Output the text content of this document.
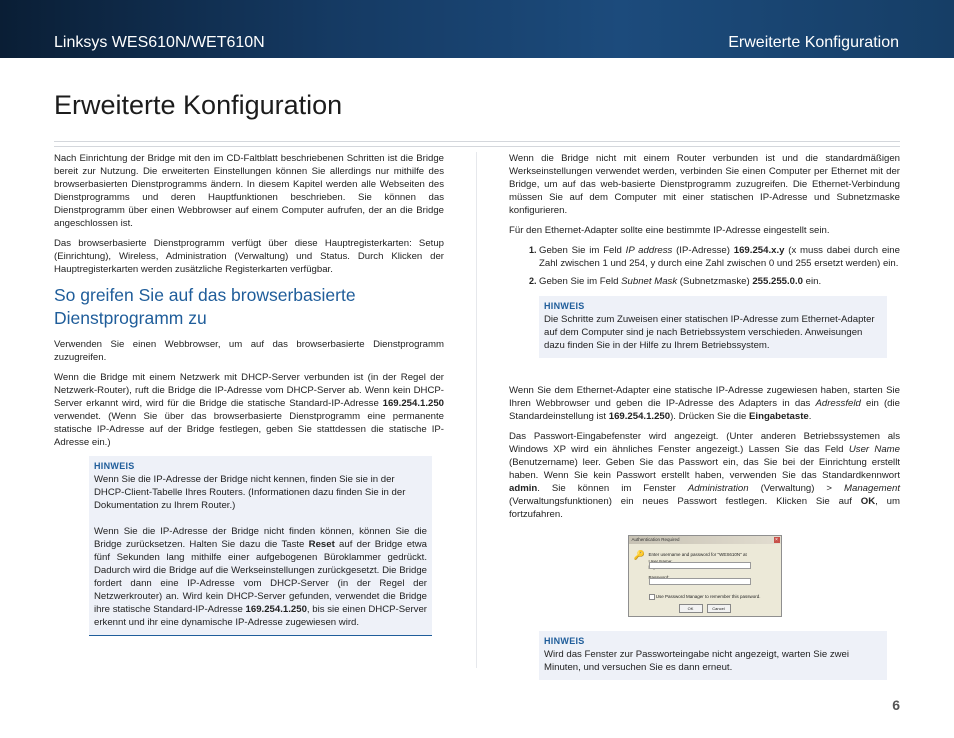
Linksys WES610N/WET610N	Erweiterte Konfiguration
Erweiterte Konfiguration

Nach Einrichtung der Bridge mit den im CD-Faltblatt beschriebenen Schritten ist die Bridge bereit zur Nutzung. Die erweiterten Einstellungen können Sie allerdings nur mithilfe des browserbasierten Dienstprogramms ändern. In diesem Kapitel werden alle Webseiten des Dienstprogramms und deren Hauptfunktionen beschrieben. Sie können das Dienstprogramm über einen Webbrowser auf einem Computer aufrufen, der an die Bridge angeschlossen ist.

Das browserbasierte Dienstprogramm verfügt über diese Hauptregisterkarten: Setup (Einrichtung), Wireless, Administration (Verwaltung) und Status. Durch Klicken der Hauptregisterkarten werden zusätzliche Registerkarten verfügbar.

So greifen Sie auf das browserbasierte Dienstprogramm zu

Verwenden Sie einen Webbrowser, um auf das browserbasierte Dienstprogramm zuzugreifen.

Wenn die Bridge mit einem Netzwerk mit DHCP-Server verbunden ist (in der Regel der Netzwerk-Router), ruft die Bridge die IP-Adresse vom DHCP-Server ab. Wenn kein DHCP-Server erkannt wird, wird für die Bridge die statische Standard-IP-Adresse 169.254.1.250 verwendet. (Wenn Sie über das browserbasierte Dienstprogramm eine permanente statische IP-Adresse auf der Bridge festlegen, geben Sie stattdessen die statische IP-Adresse ein.)

HINWEIS

Wenn Sie die IP-Adresse der Bridge nicht kennen, finden Sie sie in der DHCP-Client-Tabelle Ihres Routers. (Informationen dazu finden Sie in der Dokumentation zu Ihrem Router.)

Wenn Sie die IP-Adresse der Bridge nicht finden können, können Sie die Bridge zurücksetzen. Halten Sie dazu die Taste Reset auf der Bridge etwa fünf Sekunden lang mithilfe einer aufgebogenen Büroklammer gedrückt. Dadurch wird die Bridge auf die Werkseinstellungen zurückgesetzt. Die Bridge fordert dann eine IP-Adresse vom DHCP-Server (in der Regel der Netzwerkrouter) an. Wird kein DHCP-Server gefunden, verwendet die Bridge ihre statische Standard-IP-Adresse 169.254.1.250, bis sie einen DHCP-Server erkennt und ihr eine dynamische IP-Adresse zugewiesen wird.

Wenn die Bridge nicht mit einem Router verbunden ist und die standardmäßigen Werkseinstellungen verwendet werden, verbinden Sie einen Computer per Ethernet mit der Bridge, um auf das web-basierte Dienstprogramm zuzugreifen. Die Ethernet-Verbindung müssen Sie auf dem Computer mit einer statischen IP-Adresse und Subnetzmaske konfigurieren.

Für den Ethernet-Adapter sollte eine bestimmte IP-Adresse eingestellt sein.

1. Geben Sie im Feld IP address (IP-Adresse) 169.254.x.y (x muss dabei durch eine Zahl zwischen 1 und 254, y durch eine Zahl zwischen 0 und 255 ersetzt werden) ein.
2. Geben Sie im Feld Subnet Mask (Subnetzmaske) 255.255.0.0 ein.
HINWEIS

Die Schritte zum Zuweisen einer statischen IP-Adresse zum Ethernet-Adapter auf dem Computer sind je nach Betriebssystem verschieden. Anweisungen dazu finden Sie in der Hilfe zu Ihrem Betriebssystem.

Wenn Sie dem Ethernet-Adapter eine statische IP-Adresse zugewiesen haben, starten Sie Ihren Webbrowser und geben die IP-Adresse des Adapters in das Adressfeld ein (die Standardeinstellung ist 169.254.1.250). Drücken Sie die Eingabetaste.

Das Passwort-Eingabefenster wird angezeigt. (Unter anderen Betriebssystemen als Windows XP wird ein ähnliches Fenster angezeigt.) Lassen Sie das Feld User Name (Benutzername) leer. Geben Sie das Passwort ein, das Sie bei der Einrichtung erstellt haben. Wenn Sie kein Passwort erstellt haben, verwenden Sie das Standardkennwort admin. Sie können im Fenster Administration (Verwaltung) > Management (Verwaltungsfunktionen) ein neues Passwort festlegen. Klicken Sie auf OK, um fortzufahren.

Authentication Required	×
🔑 Enter username and password for "WES610N" at
Use Password Manager to remember this password.
OK	Cancel
HINWEIS

Wird das Fenster zur Passworteingabe nicht angezeigt, warten Sie zwei Minuten, und versuchen Sie es dann erneut.

6
